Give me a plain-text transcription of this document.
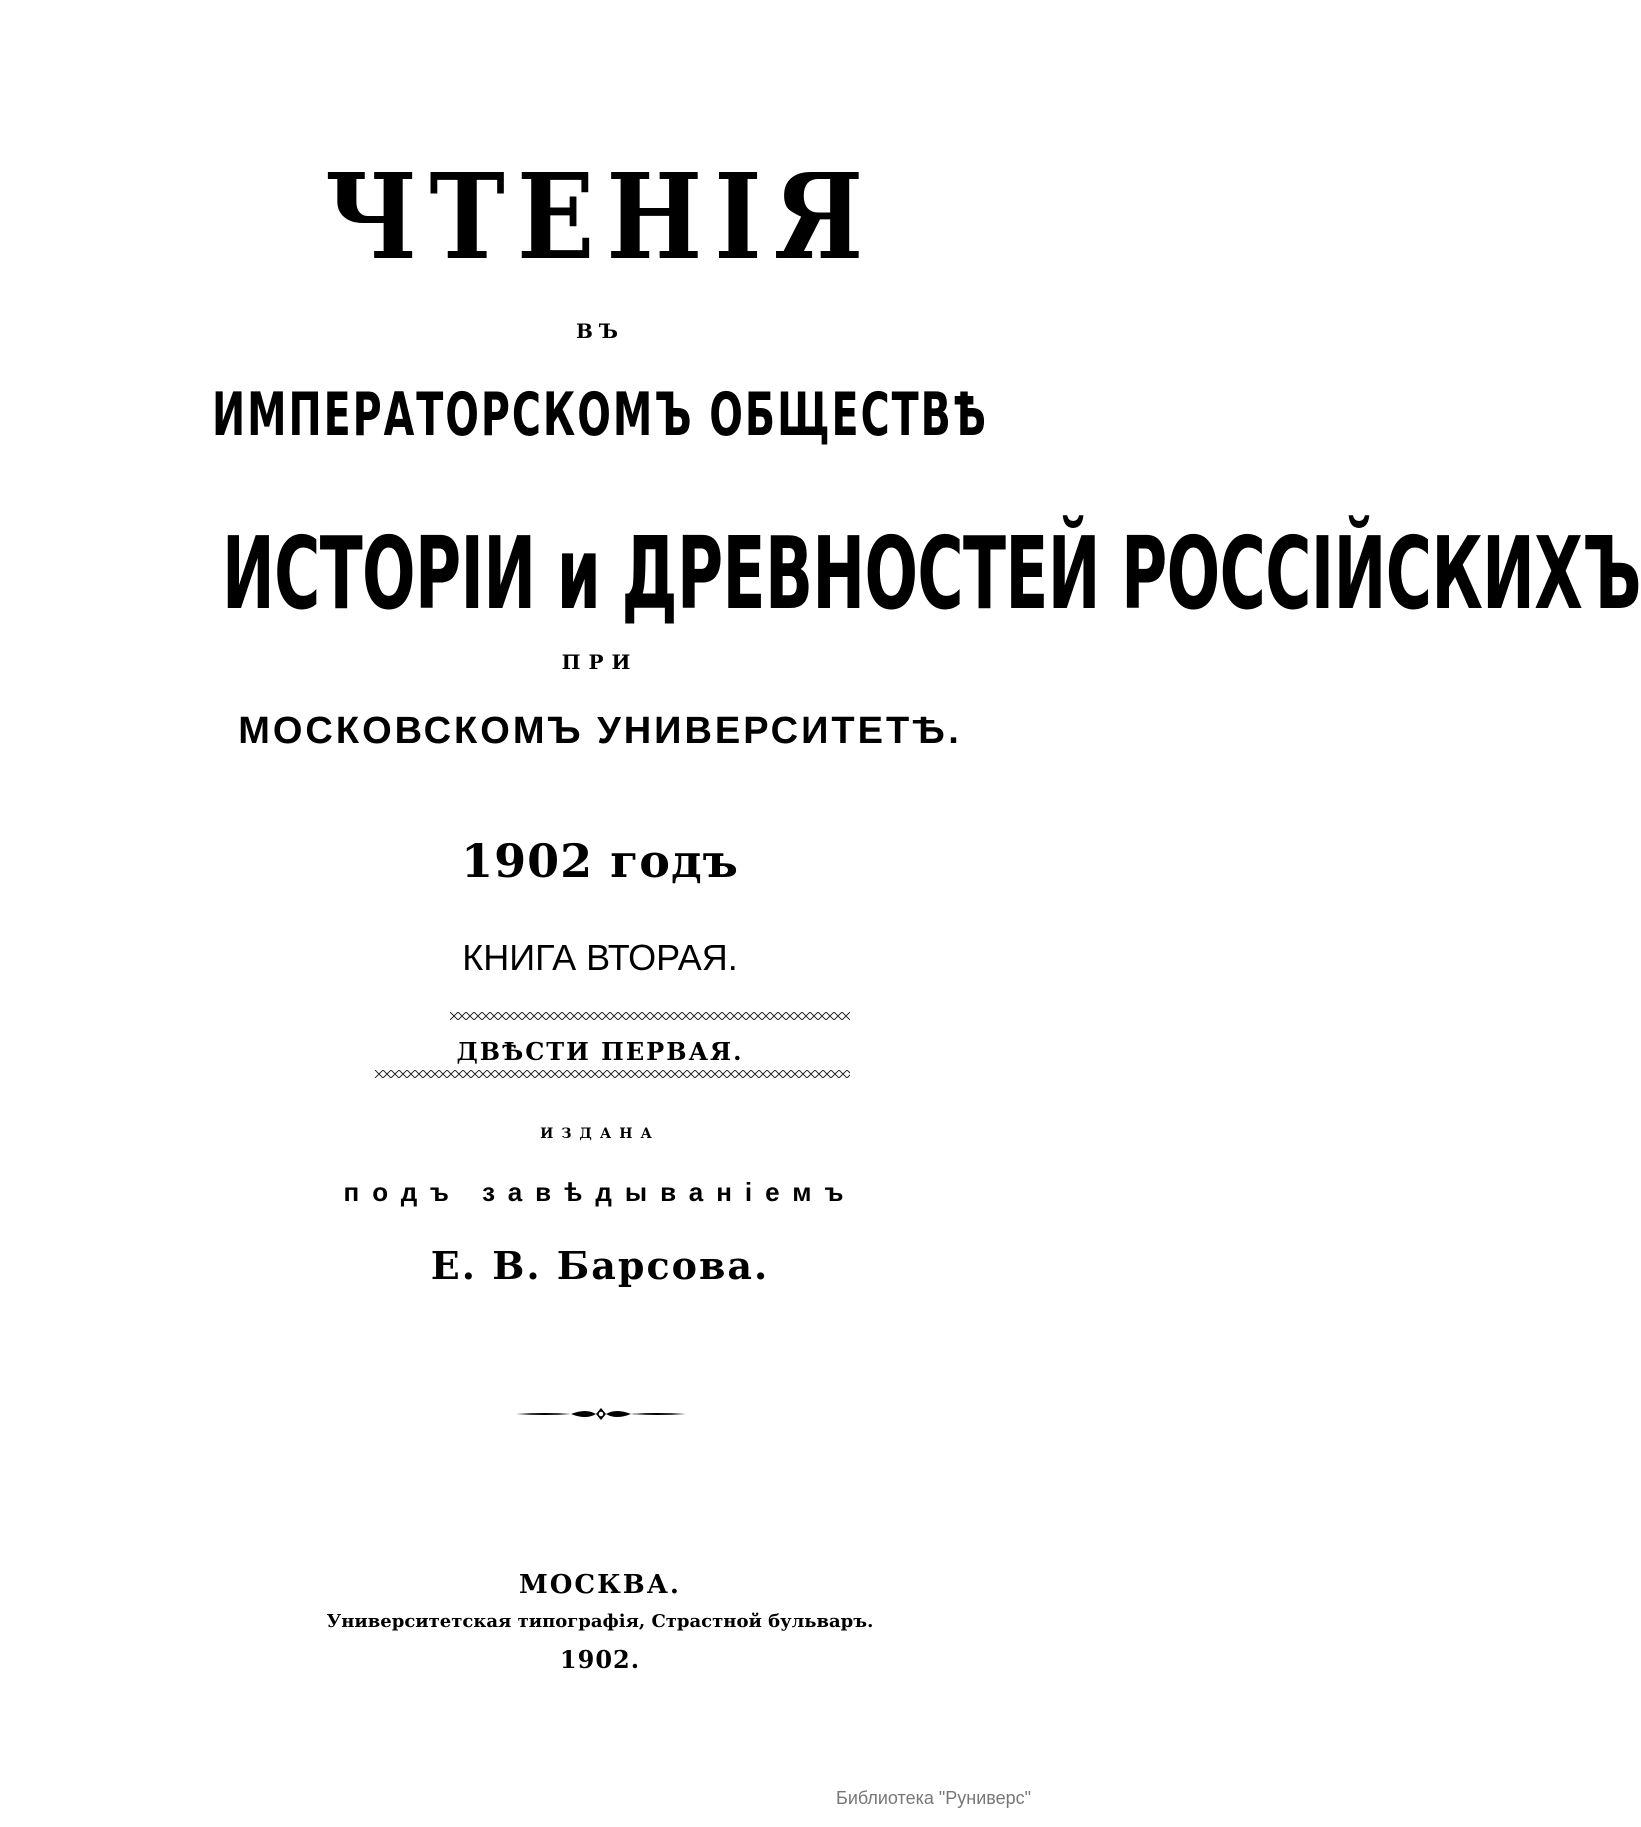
ЧТЕНІЯ
ВЪ
ИМПЕРАТОРСКОМЪ ОБЩЕСТВѢ
ИСТОРІИ и ДРЕВНОСТЕЙ РОССІЙСКИХЪ
ПРИ
МОСКОВСКОМЪ УНИВЕРСИТЕТѢ.
1902 годъ
КНИГА ВТОРАЯ.
ДВѢСТИ ПЕРВАЯ.
ИЗДАНА
подъ завѣдываніемъ
Е. В. Барсова.
МОСКВА.
Университетская типографія, Страстной бульваръ.
1902.
Библиотека "Руниверс"
